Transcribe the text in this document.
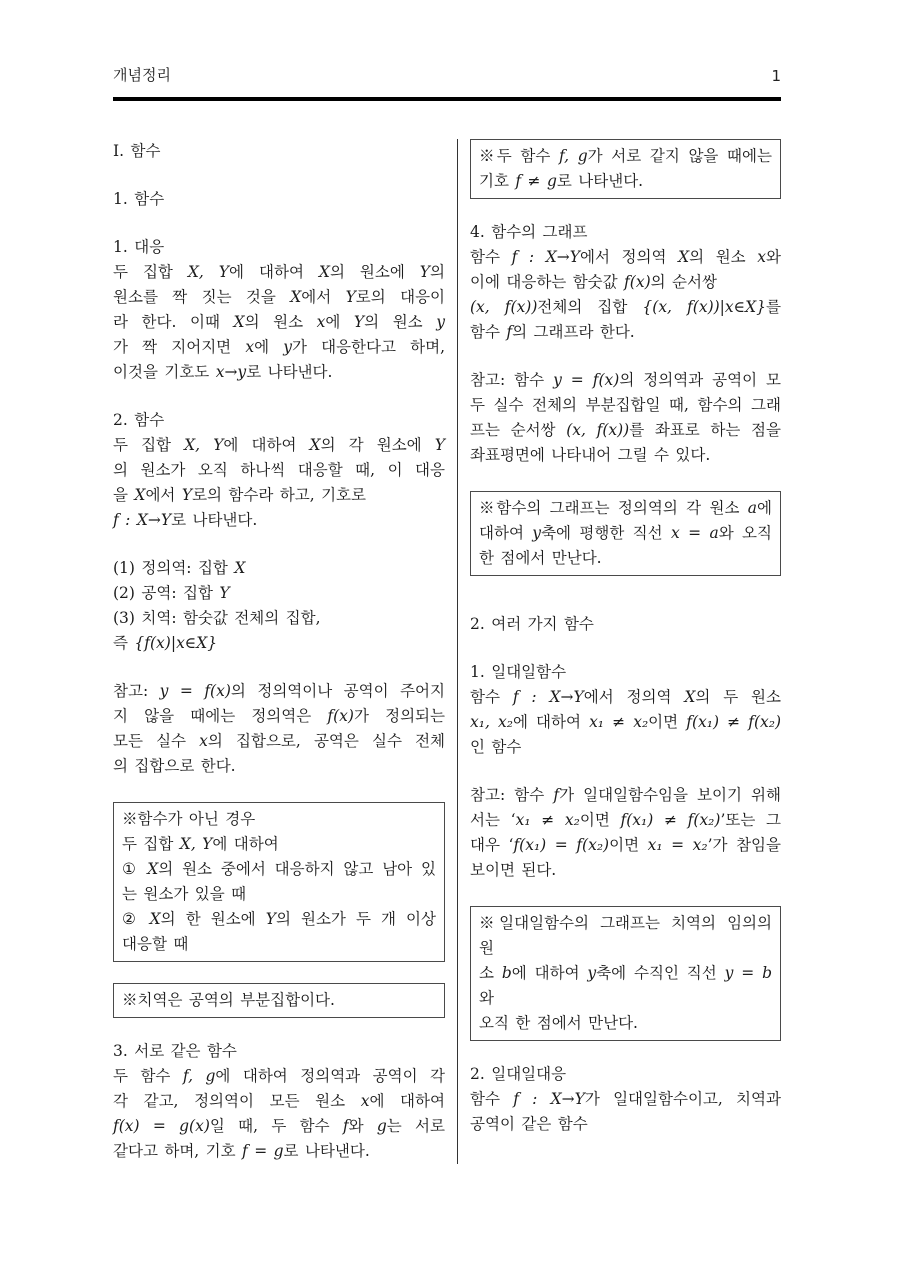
개념정리	1
I. 함수
1. 함수
1. 대응
두 집합 X, Y에 대하여 X의 원소에 Y의
원소를 짝 짓는 것을 X에서 Y로의 대응이
라 한다. 이때 X의 원소 x에 Y의 원소 y
가 짝 지어지면 x에 y가 대응한다고 하며,
이것을 기호도 x→y로 나타낸다.
2. 함수
두 집합 X, Y에 대하여 X의 각 원소에 Y
의 원소가 오직 하나씩 대응할 때, 이 대응
을 X에서 Y로의 함수라 하고, 기호로
f : X→Y로 나타낸다.
(1) 정의역: 집합 X
(2) 공역: 집합 Y
(3) 치역: 함숫값 전체의 집합,
즉 {f(x)|x∈X}
참고: y = f(x)의 정의역이나 공역이 주어지
지 않을 때에는 정의역은 f(x)가 정의되는
모든 실수 x의 집합으로, 공역은 실수 전체
의 집합으로 한다.
※함수가 아닌 경우
두 집합 X, Y에 대하여
① X의 원소 중에서 대응하지 않고 남아 있
는 원소가 있을 때
② X의 한 원소에 Y의 원소가 두 개 이상
대응할 때
※치역은 공역의 부분집합이다.
3. 서로 같은 함수
두 함수 f, g에 대하여 정의역과 공역이 각
각 같고, 정의역이 모든 원소 x에 대하여
f(x) = g(x)일 때, 두 함수 f와 g는 서로
같다고 하며, 기호 f = g로 나타낸다.
※두 함수 f, g가 서로 같지 않을 때에는
기호 f ≠ g로 나타낸다.
4. 함수의 그래프
함수 f : X→Y에서 정의역 X의 원소 x와
이에 대응하는 함숫값 f(x)의 순서쌍
(x, f(x))전체의 집합 {(x, f(x))|x∈X}를
함수 f의 그래프라 한다.
참고: 함수 y = f(x)의 정의역과 공역이 모
두 실수 전체의 부분집합일 때, 함수의 그래
프는 순서쌍 (x, f(x))를 좌표로 하는 점을
좌표평면에 나타내어 그릴 수 있다.
※함수의 그래프는 정의역의 각 원소 a에
대하여 y축에 평행한 직선 x = a와 오직
한 점에서 만난다.
2. 여러 가지 함수
1. 일대일함수
함수 f : X→Y에서 정의역 X의 두 원소
x₁, x₂에 대하여 x₁ ≠ x₂이면 f(x₁) ≠ f(x₂)
인 함수
참고: 함수 f가 일대일함수임을 보이기 위해
서는 ‘x₁ ≠ x₂이면 f(x₁) ≠ f(x₂)’또는 그
대우 ‘f(x₁) = f(x₂)이면 x₁ = x₂’가 참임을
보이면 된다.
※일대일함수의 그래프는 치역의 임의의 원
소 b에 대하여 y축에 수직인 직선 y = b와
오직 한 점에서 만난다.
2. 일대일대응
함수 f : X→Y가 일대일함수이고, 치역과
공역이 같은 함수
